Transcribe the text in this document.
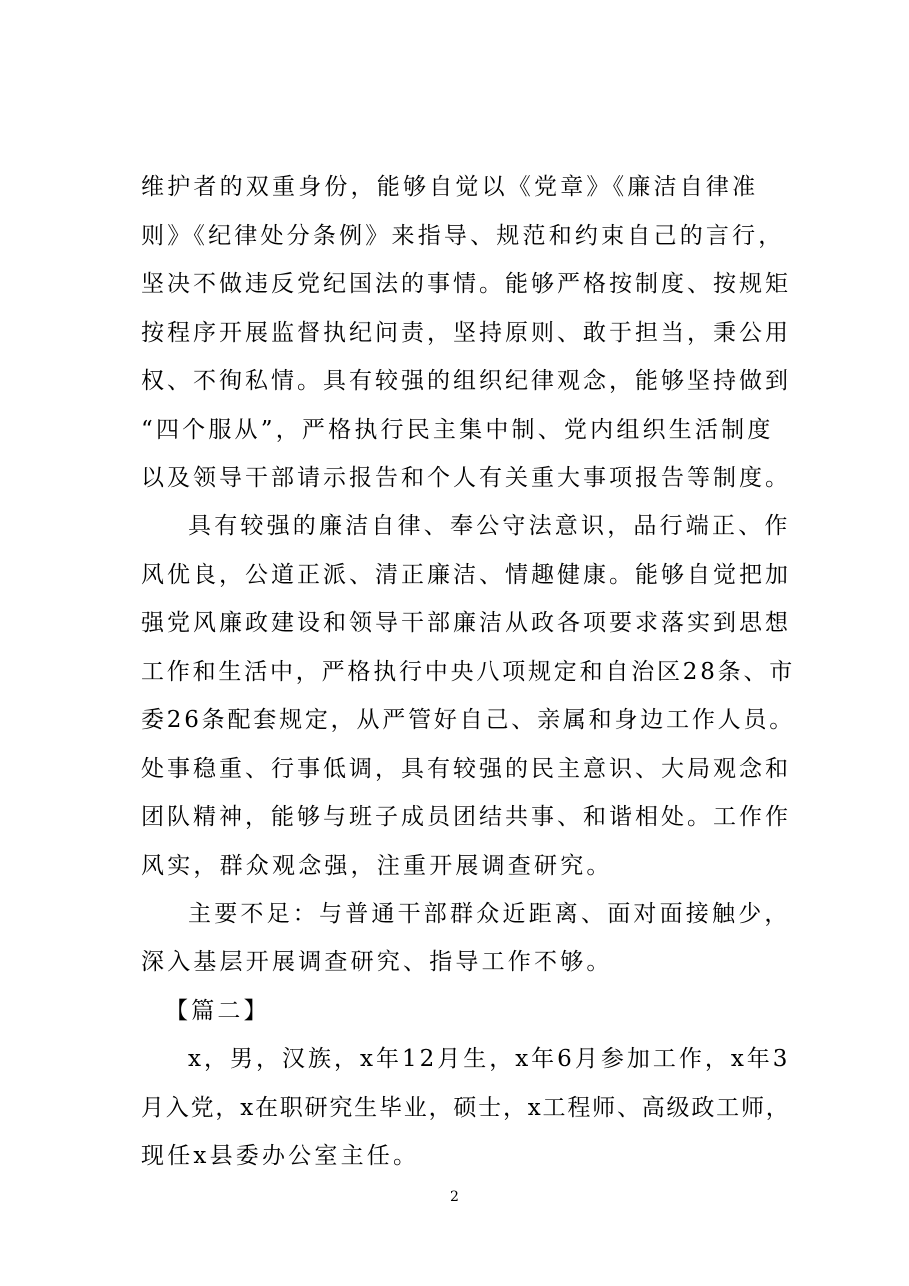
维护者的双重身份，能够自觉以《党章》《廉洁自律准
则》《纪律处分条例》来指导、规范和约束自己的言行，
坚决不做违反党纪国法的事情。能够严格按制度、按规矩
按程序开展监督执纪问责，坚持原则、敢于担当，秉公用
权、不徇私情。具有较强的组织纪律观念，能够坚持做到
“四个服从”，严格执行民主集中制、党内组织生活制度
以及领导干部请示报告和个人有关重大事项报告等制度。
具有较强的廉洁自律、奉公守法意识，品行端正、作
风优良，公道正派、清正廉洁、情趣健康。能够自觉把加
强党风廉政建设和领导干部廉洁从政各项要求落实到思想
工作和生活中，严格执行中央八项规定和自治区28条、市
委26条配套规定，从严管好自己、亲属和身边工作人员。
处事稳重、行事低调，具有较强的民主意识、大局观念和
团队精神，能够与班子成员团结共事、和谐相处。工作作
风实，群众观念强，注重开展调查研究。
主要不足：与普通干部群众近距离、面对面接触少，
深入基层开展调查研究、指导工作不够。
【篇二】
x，男，汉族，x年12月生，x年6月参加工作，x年3
月入党，x在职研究生毕业，硕士，x工程师、高级政工师，
现任x县委办公室主任。
2
